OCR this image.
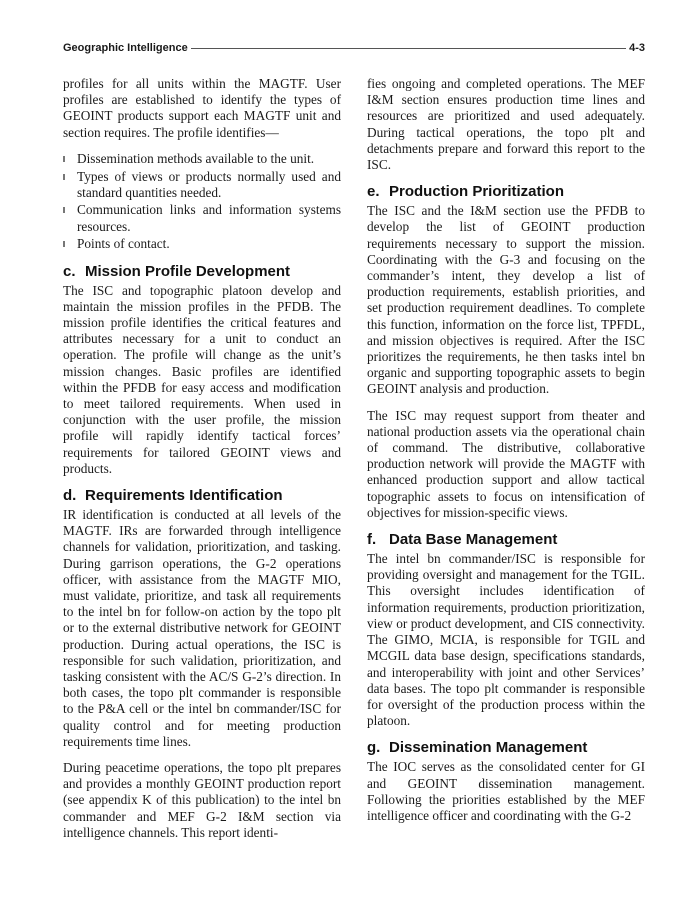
Geographic Intelligence	4-3

profiles for all units within the MAGTF. User profiles are established to identify the types of GEOINT products support each MAGTF unit and section requires. The profile identifies—

Dissemination methods available to the unit.
Types of views or products normally used and standard quantities needed.
Communication links and information systems resources.
Points of contact.
c. Mission Profile Development

The ISC and topographic platoon develop and maintain the mission profiles in the PFDB. The mission profile identifies the critical features and attributes necessary for a unit to conduct an operation. The profile will change as the unit’s mission changes. Basic profiles are identified within the PFDB for easy access and modification to meet tailored requirements. When used in conjunction with the user profile, the mission profile will rapidly identify tactical forces’ requirements for tailored GEOINT views and products.

d. Requirements Identification

IR identification is conducted at all levels of the MAGTF. IRs are forwarded through intelligence channels for validation, prioritization, and tasking. During garrison operations, the G-2 operations officer, with assistance from the MAGTF MIO, must validate, prioritize, and task all requirements to the intel bn for follow-on action by the topo plt or to the external distributive network for GEOINT production. During actual operations, the ISC is responsible for such validation, prioritization, and tasking consistent with the AC/S G-2’s direction. In both cases, the topo plt commander is responsible to the P&A cell or the intel bn commander/ISC for quality control and for meeting production requirements time lines.

During peacetime operations, the topo plt prepares and provides a monthly GEOINT production report (see appendix K of this publication) to the intel bn commander and MEF G-2 I&M section via intelligence channels. This report identi-

fies ongoing and completed operations. The MEF I&M section ensures production time lines and resources are prioritized and used adequately. During tactical operations, the topo plt and detachments prepare and forward this report to the ISC.

e. Production Prioritization

The ISC and the I&M section use the PFDB to develop the list of GEOINT production requirements necessary to support the mission. Coordinating with the G-3 and focusing on the commander’s intent, they develop a list of production requirements, establish priorities, and set production requirement deadlines. To complete this function, information on the force list, TPFDL, and mission objectives is required. After the ISC prioritizes the requirements, he then tasks intel bn organic and supporting topographic assets to begin GEOINT analysis and production.

The ISC may request support from theater and national production assets via the operational chain of command. The distributive, collaborative production network will provide the MAGTF with enhanced production support and allow tactical topographic assets to focus on intensification of objectives for mission-specific views.

f. Data Base Management

The intel bn commander/ISC is responsible for providing oversight and management for the TGIL. This oversight includes identification of information requirements, production prioritization, view or product development, and CIS connectivity. The GIMO, MCIA, is responsible for TGIL and MCGIL data base design, specifications standards, and interoperability with joint and other Services’ data bases. The topo plt commander is responsible for oversight of the production process within the platoon.

g. Dissemination Management

The IOC serves as the consolidated center for GI and GEOINT dissemination management. Following the priorities established by the MEF intelligence officer and coordinating with the G-2
